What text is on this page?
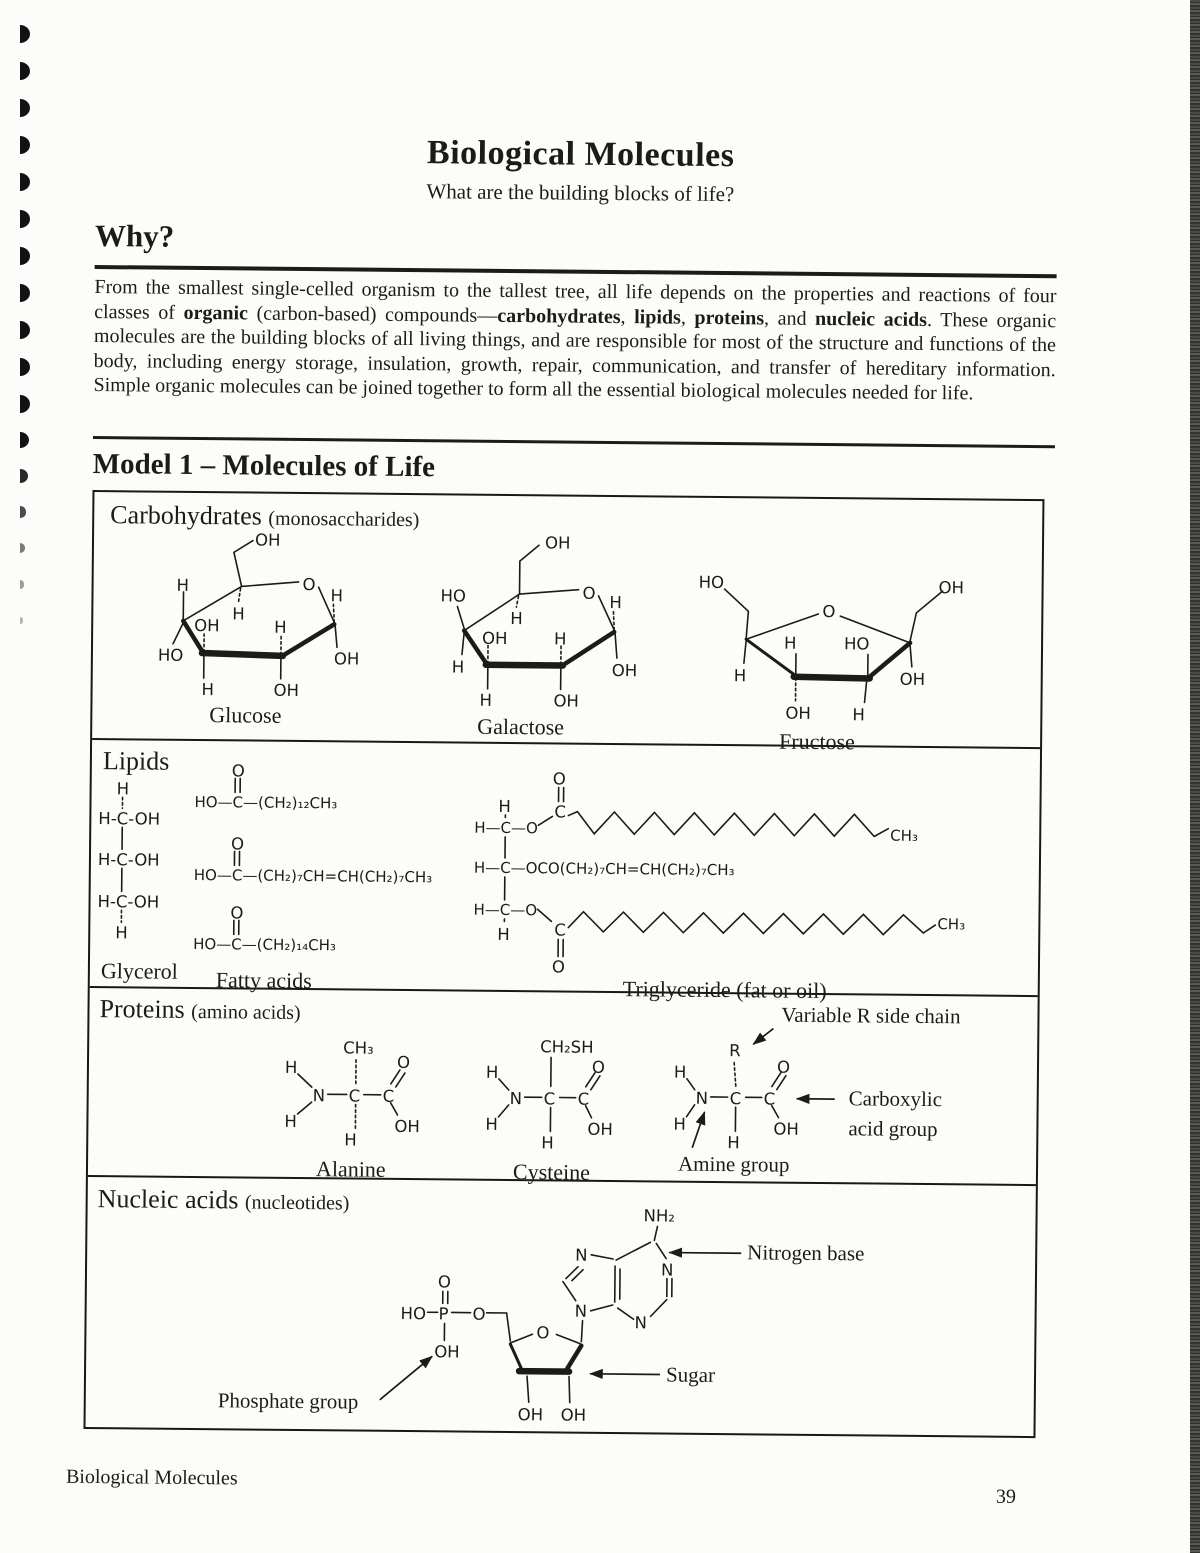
Biological Molecules
What are the building blocks of life?
Why?

From the smallest single-celled organism to the tallest tree, all life depends on the properties and reactions of four classes of organic (carbon-based) compounds—carbohydrates, lipids, proteins, and nucleic acids. These organic molecules are the building blocks of all living things, and are responsible for most of the structure and functions of the body, including energy storage, insulation, growth, repair, communication, and transfer of hereditary information. Simple organic molecules can be joined together to form all the essential biological molecules needed for life.

Model 1 – Molecules of Life
Carbohydrates (monosaccharides)
OH
H	O
H
H
OH	H
HO	OH
H	OH
Glucose
OH
HO	O H
H
OH	H
H	OH
H	OH
Galactose
HO	OH
O
H	HO
H	OH
OH	H
Fructose
Lipids
H
H-C-OH
H-C-OH
H-C-OH
H
Glycerol
O
HO—C—(CH₂)₁₂CH₃
O
HO—C—(CH₂)₇CH=CH(CH₂)₇CH₃
O
HO—C—(CH₂)₁₄CH₃
Fatty acids
H
H—C—O
C
O
CH₃
H—C—OCO(CH₂)₇CH=CH(CH₂)₇CH₃
H—C—O
C
O
CH₃
H
Triglyceride (fat or oil)
Proteins (amino acids)
CH₃
O
H
N C C
H	OH
H
Alanine
CH₂SH
O
H
N C C
H	OH
H
Cysteine
R
O
H
N C C
H	OH
H
Variable R side chain
Carboxylic
acid group
Amine group
Nucleic acids (nucleotides)
NH₂
N
N
N
N
HO P O
O
OH
O
OH OH
Nitrogen base
Sugar
Phosphate group
Biological Molecules
39
